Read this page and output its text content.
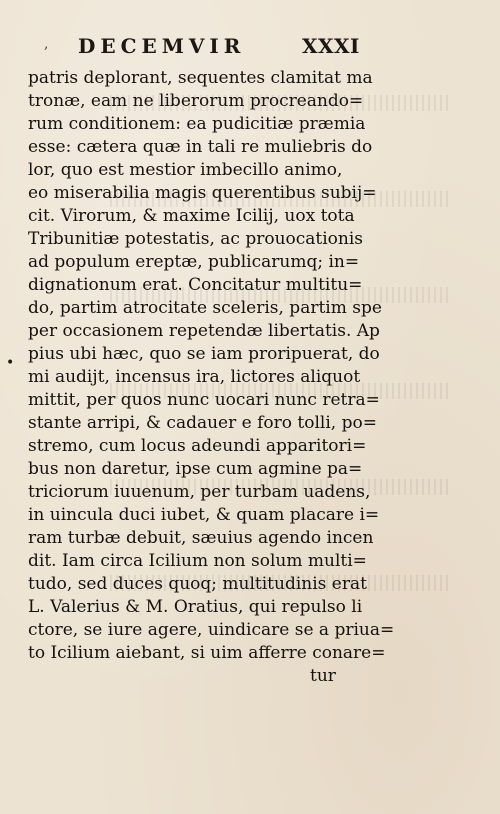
, DECEMVIR	XXXI
•
patris deplorant, sequentes clamitat ma
tronæ, eam ne liberorum procreando=
rum conditionem: ea pudicitiæ præmia
esse: cætera quæ in tali re muliebris do
lor, quo est mestior imbecillo animo,
eo miserabilia magis querentibus subij=
cit. Virorum, & maxime Icilij, uox tota
Tribunitiæ potestatis, ac prouocationis
ad populum ereptæ, publicarumq; in=
dignationum erat. Concitatur multitu=
do, partim atrocitate sceleris, partim spe
per occasionem repetendæ libertatis. Ap
pius ubi hæc, quo se iam proripuerat, do
mi audijt, incensus ira, lictores aliquot
mittit, per quos nunc uocari nunc retra=
stante arripi, & cadauer e foro tolli, po=
stremo, cum locus adeundi apparitori=
bus non daretur, ipse cum agmine pa=
triciorum iuuenum, per turbam uadens,
in uincula duci iubet, & quam placare i=
ram turbæ debuit, sæuius agendo incen
dit. Iam circa Icilium non solum multi=
tudo, sed duces quoq; multitudinis erat
L. Valerius & M. Oratius, qui repulso li
ctore, se iure agere, uindicare se a priua=
to Icilium aiebant, si uim afferre conare=
tur
